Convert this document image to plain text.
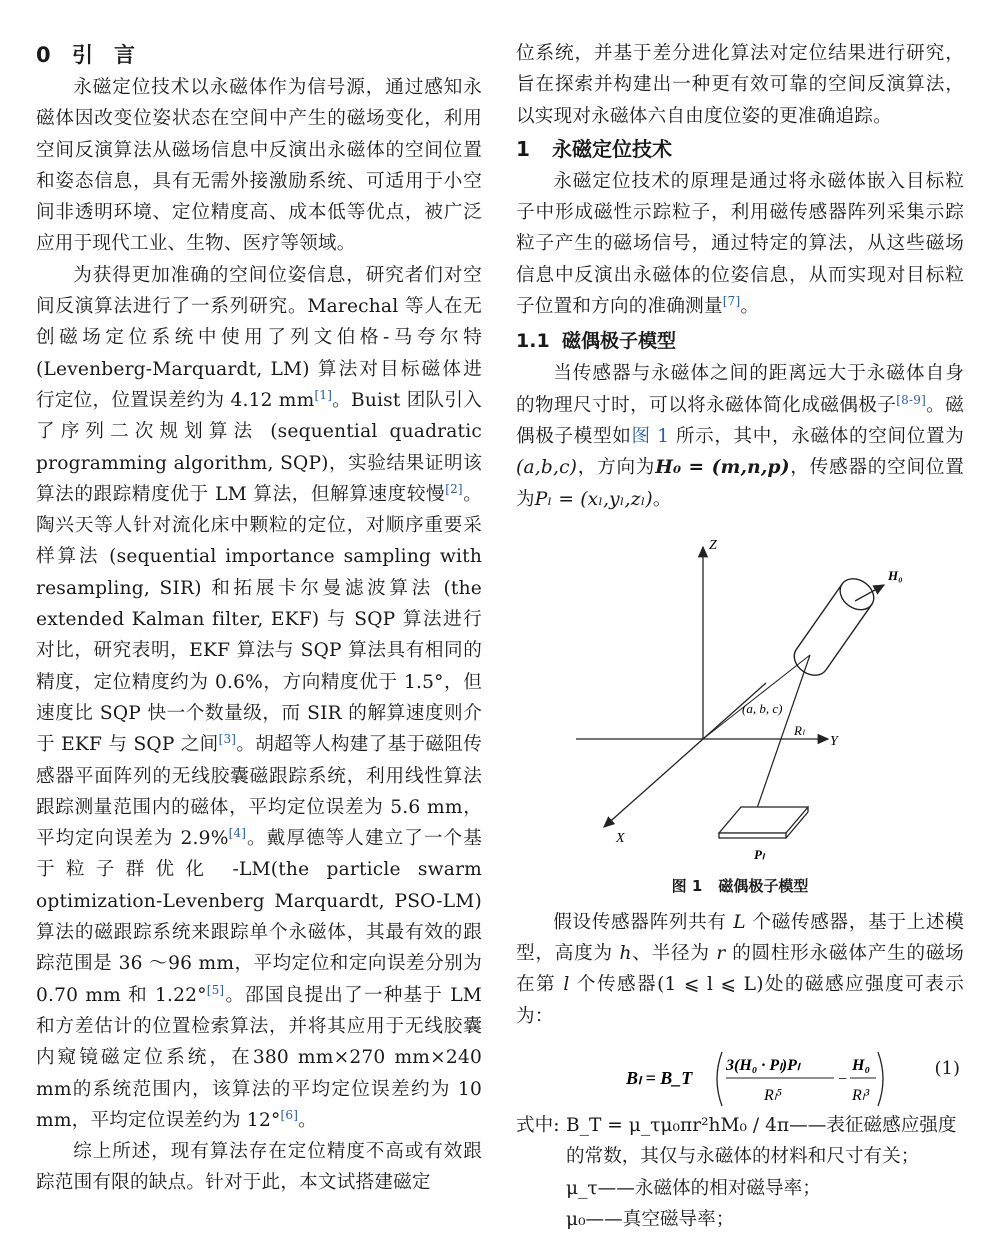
0 引　言

永磁定位技术以永磁体作为信号源，通过感知永磁体因改变位姿状态在空间中产生的磁场变化，利用空间反演算法从磁场信息中反演出永磁体的空间位置和姿态信息，具有无需外接激励系统、可适用于小空间非透明环境、定位精度高、成本低等优点，被广泛应用于现代工业、生物、医疗等领域。

为获得更加准确的空间位姿信息，研究者们对空间反演算法进行了一系列研究。Marechal 等人在无创磁场定位系统中使用了列文伯格-马夸尔特 (Levenberg-Marquardt, LM) 算法对目标磁体进行定位，位置误差约为 4.12 mm[1]。Buist 团队引入了序列二次规划算法 (sequential quadratic programming algorithm, SQP)，实验结果证明该算法的跟踪精度优于 LM 算法，但解算速度较慢[2]。陶兴天等人针对流化床中颗粒的定位，对顺序重要采样算法 (sequential importance sampling with resampling, SIR) 和拓展卡尔曼滤波算法 (the extended Kalman filter, EKF) 与 SQP 算法进行对比，研究表明，EKF 算法与 SQP 算法具有相同的精度，定位精度约为 0.6%，方向精度优于 1.5°，但速度比 SQP 快一个数量级，而 SIR 的解算速度则介于 EKF 与 SQP 之间[3]。胡超等人构建了基于磁阻传感器平面阵列的无线胶囊磁跟踪系统，利用线性算法跟踪测量范围内的磁体，平均定位误差为 5.6 mm，平均定向误差为 2.9%[4]。戴厚德等人建立了一个基于粒子群优化 -LM(the particle swarm optimization-Levenberg Marquardt, PSO-LM) 算法的磁跟踪系统来跟踪单个永磁体，其最有效的跟踪范围是 36 ～96 mm，平均定位和定向误差分别为 0.70 mm 和 1.22°[5]。邵国良提出了一种基于 LM 和方差估计的位置检索算法，并将其应用于无线胶囊内窥镜磁定位系统，在380 mm×270 mm×240 mm的系统范围内，该算法的平均定位误差约为 10 mm，平均定位误差约为 12°[6]。

综上所述，现有算法存在定位精度不高或有效跟踪范围有限的缺点。针对于此，本文试搭建磁定

位系统，并基于差分进化算法对定位结果进行研究，旨在探索并构建出一种更有效可靠的空间反演算法，以实现对永磁体六自由度位姿的更准确追踪。

1 永磁定位技术

永磁定位技术的原理是通过将永磁体嵌入目标粒子中形成磁性示踪粒子，利用磁传感器阵列采集示踪粒子产生的磁场信号，通过特定的算法，从这些磁场信息中反演出永磁体的位姿信息，从而实现对目标粒子位置和方向的准确测量[7]。

1.1 磁偶极子模型

当传感器与永磁体之间的距离远大于永磁体自身的物理尺寸时，可以将永磁体简化成磁偶极子[8-9]。磁偶极子模型如图 1 所示，其中，永磁体的空间位置为(a,b,c)，方向为H₀ = (m,n,p)，传感器的空间位置为Pₗ = (xₗ,yₗ,zₗ)。

Z
Y
X
H₀
(a, b, c)
Rₗ
Pₗ
图 1 磁偶极子模型

假设传感器阵列共有 L 个磁传感器，基于上述模型，高度为 h、半径为 r 的圆柱形永磁体产生的磁场在第 l 个传感器(1 ⩽ l ⩽ L)处的磁感应强度可表示为：

Bₗ = B_T
3(H₀ · Pₗ)Pₗ
Rₗ⁵
−
H₀
Rₗ³
(1)
式中: B_T = μ_τμ₀πr²hM₀ / 4π——表征磁感应强度的常数，其仅与永磁体的材料和尺寸有关；

μ_τ——永磁体的相对磁导率；

μ₀——真空磁导率；
